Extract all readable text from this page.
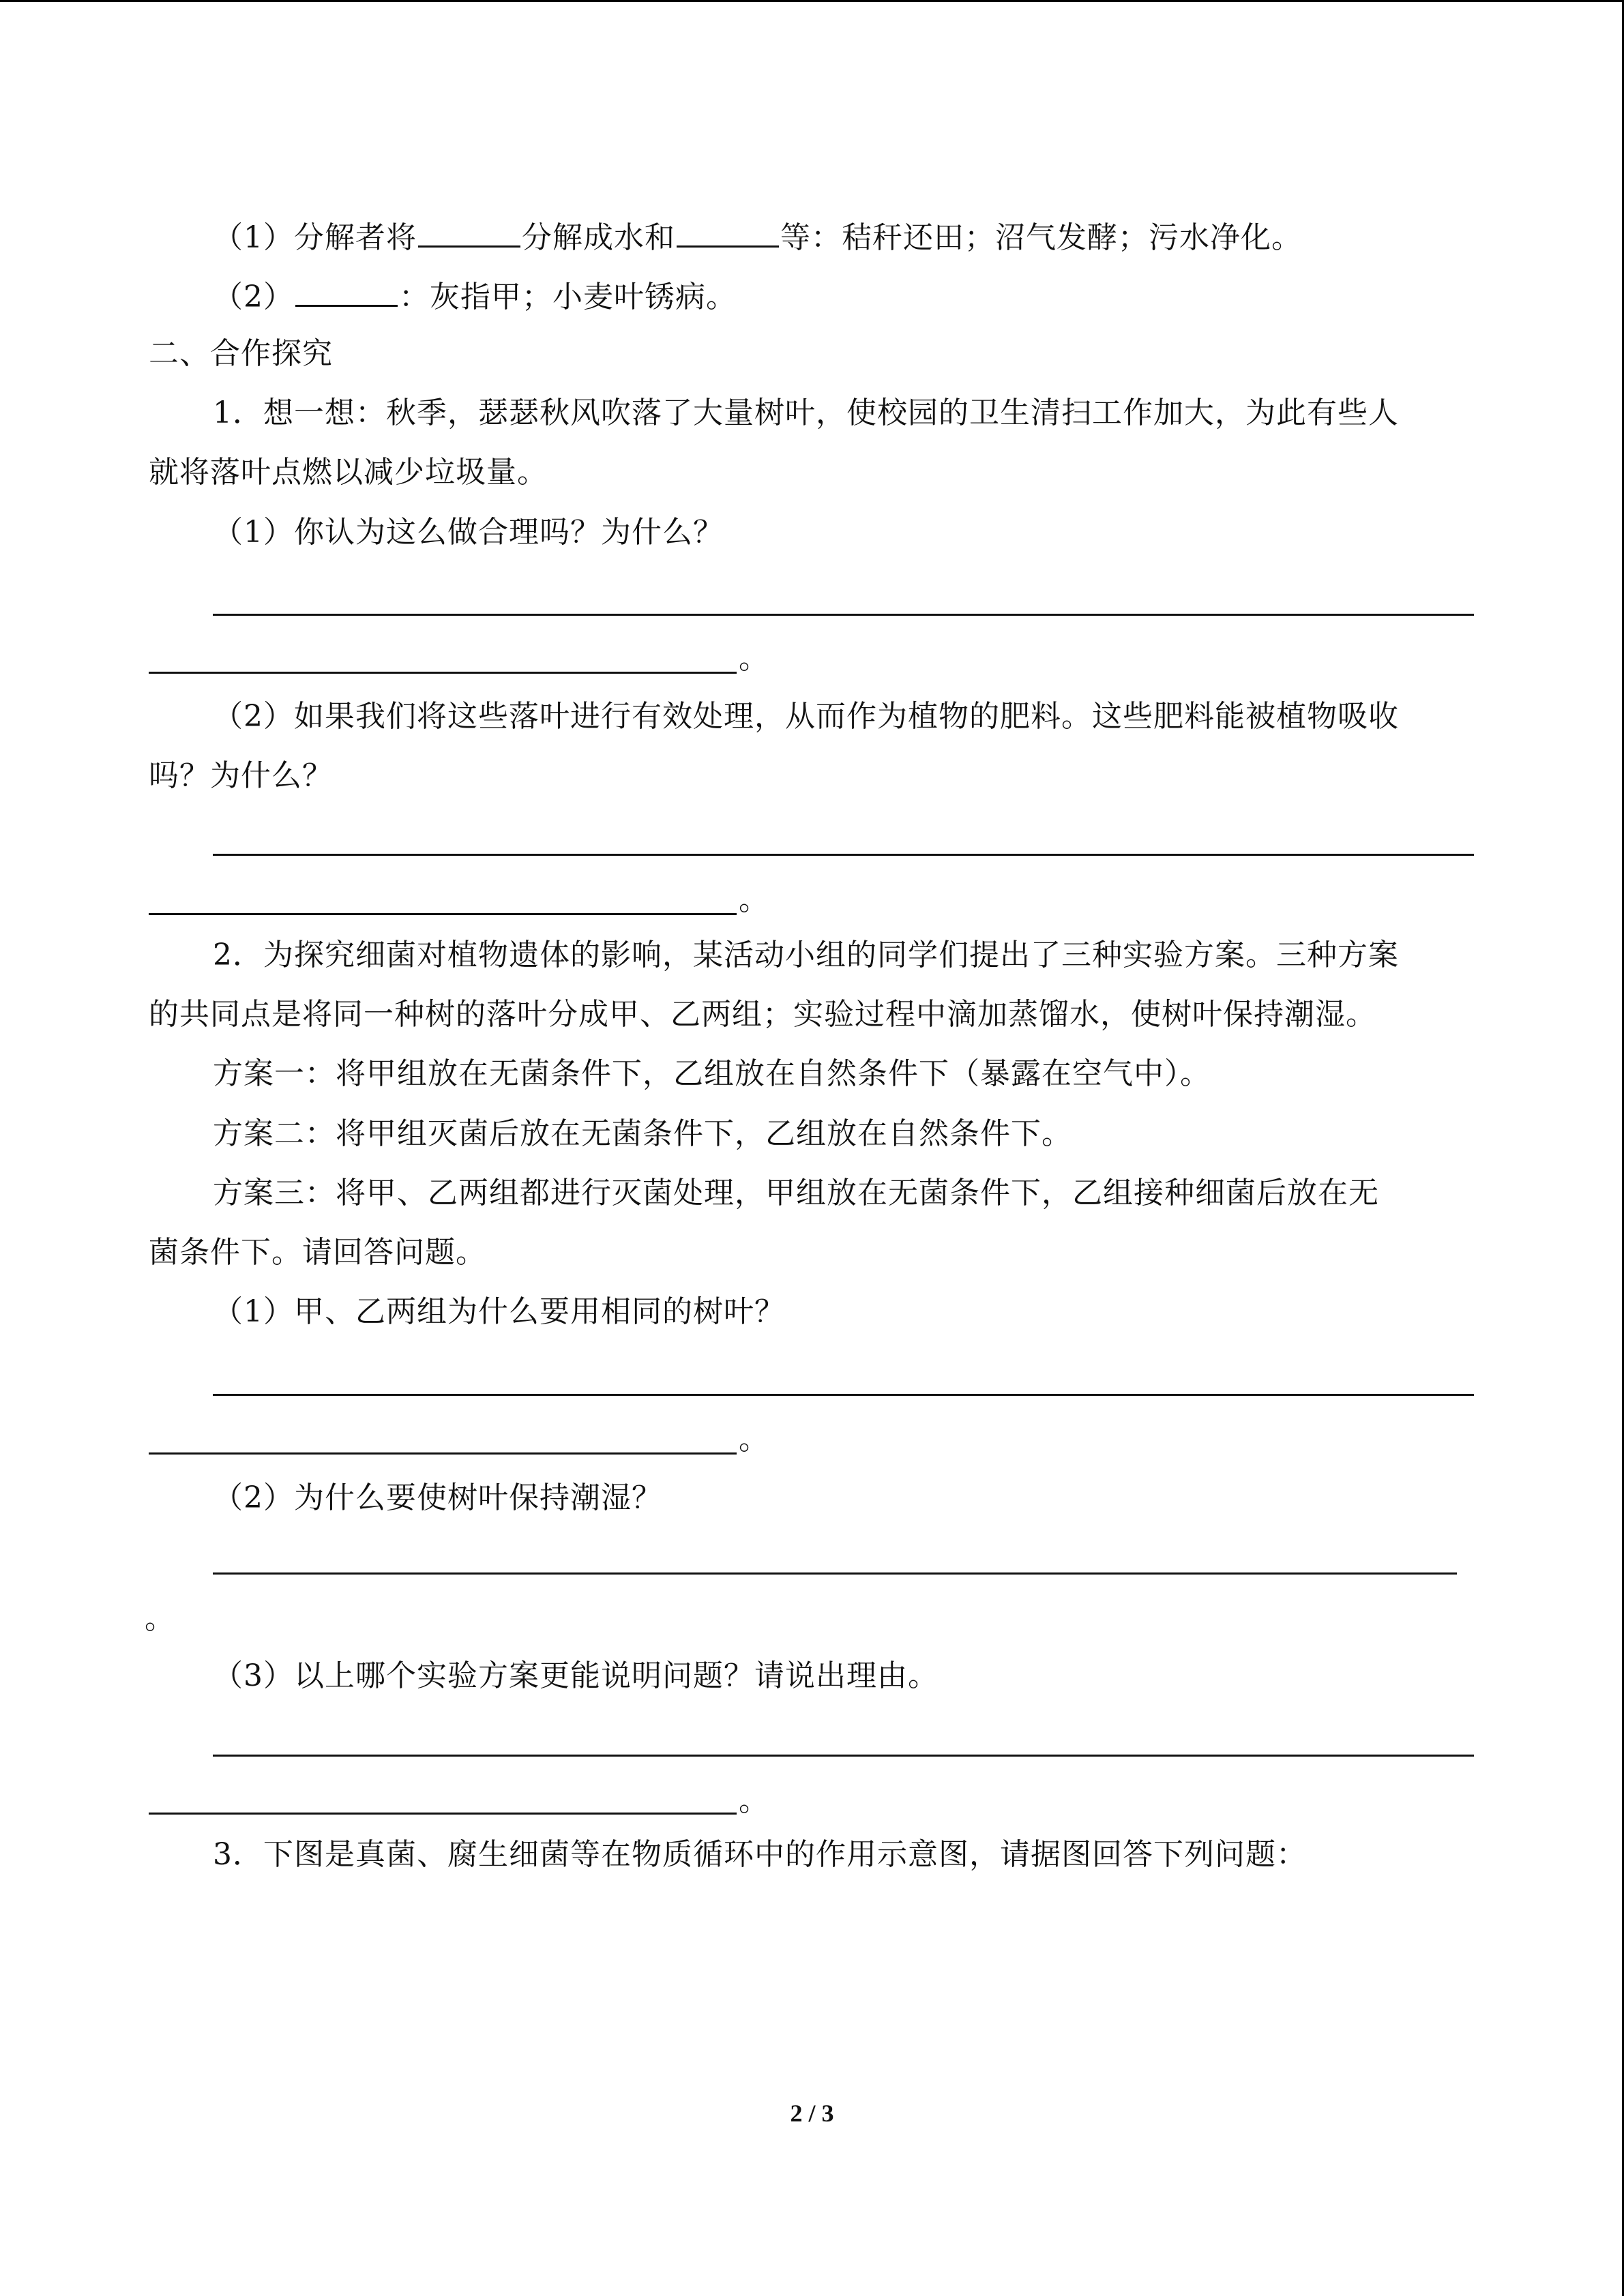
（1）分解者将	分解成水和	等：秸秆还田；沼气发酵；污水净化。
（2）	：灰指甲；小麦叶锈病。
二、合作探究
1．想一想：秋季，瑟瑟秋风吹落了大量树叶，使校园的卫生清扫工作加大，为此有些人
就将落叶点燃以减少垃圾量。
（1）你认为这么做合理吗？为什么？
。
（2）如果我们将这些落叶进行有效处理，从而作为植物的肥料。这些肥料能被植物吸收
吗？为什么？
。
2．为探究细菌对植物遗体的影响，某活动小组的同学们提出了三种实验方案。三种方案
的共同点是将同一种树的落叶分成甲、乙两组；实验过程中滴加蒸馏水，使树叶保持潮湿。
方案一：将甲组放在无菌条件下，乙组放在自然条件下（暴露在空气中）。
方案二：将甲组灭菌后放在无菌条件下，乙组放在自然条件下。
方案三：将甲、乙两组都进行灭菌处理，甲组放在无菌条件下，乙组接种细菌后放在无
菌条件下。请回答问题。
（1）甲、乙两组为什么要用相同的树叶？
。
（2）为什么要使树叶保持潮湿？
。
（3）以上哪个实验方案更能说明问题？请说出理由。
。
3．下图是真菌、腐生细菌等在物质循环中的作用示意图，请据图回答下列问题：
2 / 3
